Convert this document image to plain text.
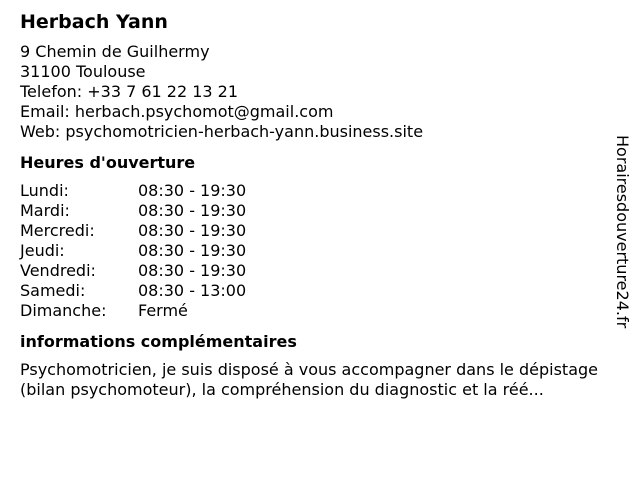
Herbach Yann
9 Chemin de Guilhermy
31100 Toulouse
Telefon: +33 7 61 22 13 21
Email: herbach.psychomot@gmail.com
Web: psychomotricien-herbach-yann.business.site
Heures d'ouverture
Lundi:	08:30 - 19:30
Mardi:	08:30 - 19:30
Mercredi:	08:30 - 19:30
Jeudi:	08:30 - 19:30
Vendredi:	08:30 - 19:30
Samedi:	08:30 - 13:00
Dimanche:	Fermé
informations complémentaires
Psychomotricien, je suis disposé à vous accompagner dans le dépistage (bilan psychomoteur), la compréhension du diagnostic et la réé...
Horairesdouverture24.fr
